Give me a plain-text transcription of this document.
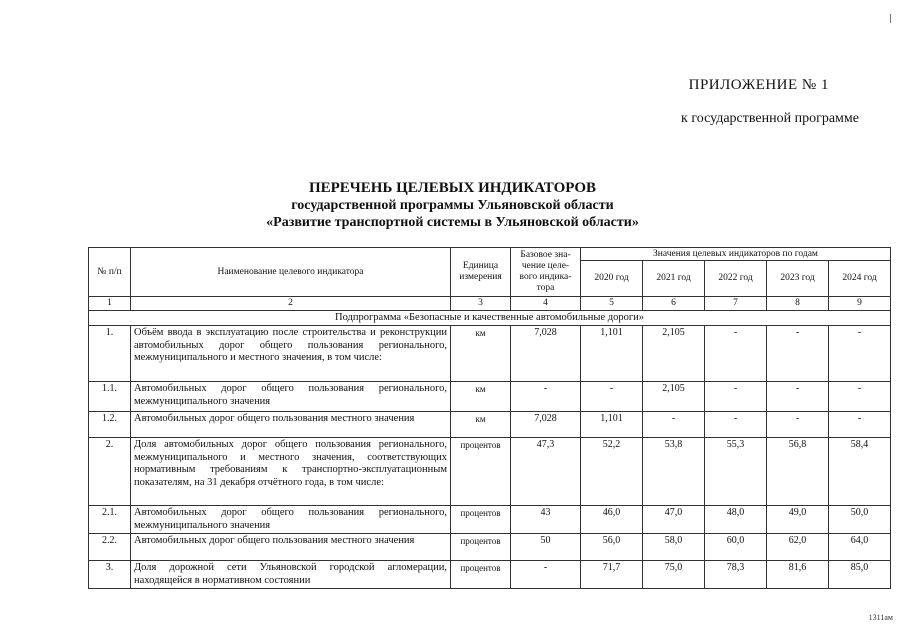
ПРИЛОЖЕНИЕ № 1
к государственной программе
ПЕРЕЧЕНЬ ЦЕЛЕВЫХ ИНДИКАТОРОВ
государственной программы Ульяновской области
«Развитие транспортной системы в Ульяновской области»
№ п/п	Наименование целевого индикатора	Единица измерения	Базовое зна-чение целе-вого индика-тора	Значения целевых индикаторов по годам				
				2020 год	2021 год	2022 год	2023 год	2024 год
1	2	3	4	5	6	7	8	9
Подпрограмма «Безопасные и качественные автомобильные дороги»								
1.	Объём ввода в эксплуатацию после строительства и реконструкции автомобильных дорог общего пользования регионального, межмуниципального и местного значения, в том числе:	км	7,028	1,101	2,105	-	-	-
1.1.	Автомобильных дорог общего пользования регионального, межмуниципального значения	км	-	-	2,105	-	-	-
1.2.	Автомобильных дорог общего пользования местного значения	км	7,028	1,101	-	-	-	-
2.	Доля автомобильных дорог общего пользования регионального, межмуниципального и местного значения, соответствующих нормативным требованиям к транспортно-эксплуатационным показателям, на 31 декабря отчётного года, в том числе:	процентов	47,3	52,2	53,8	55,3	56,8	58,4
2.1.	Автомобильных дорог общего пользования регионального, межмуниципального значения	процентов	43	46,0	47,0	48,0	49,0	50,0
2.2.	Автомобильных дорог общего пользования местного значения	процентов	50	56,0	58,0	60,0	62,0	64,0
3.	Доля дорожной сети Ульяновской городской агломерации, находящейся в нормативном состоянии	процентов	-	71,7	75,0	78,3	81,6	85,0
1311ам
